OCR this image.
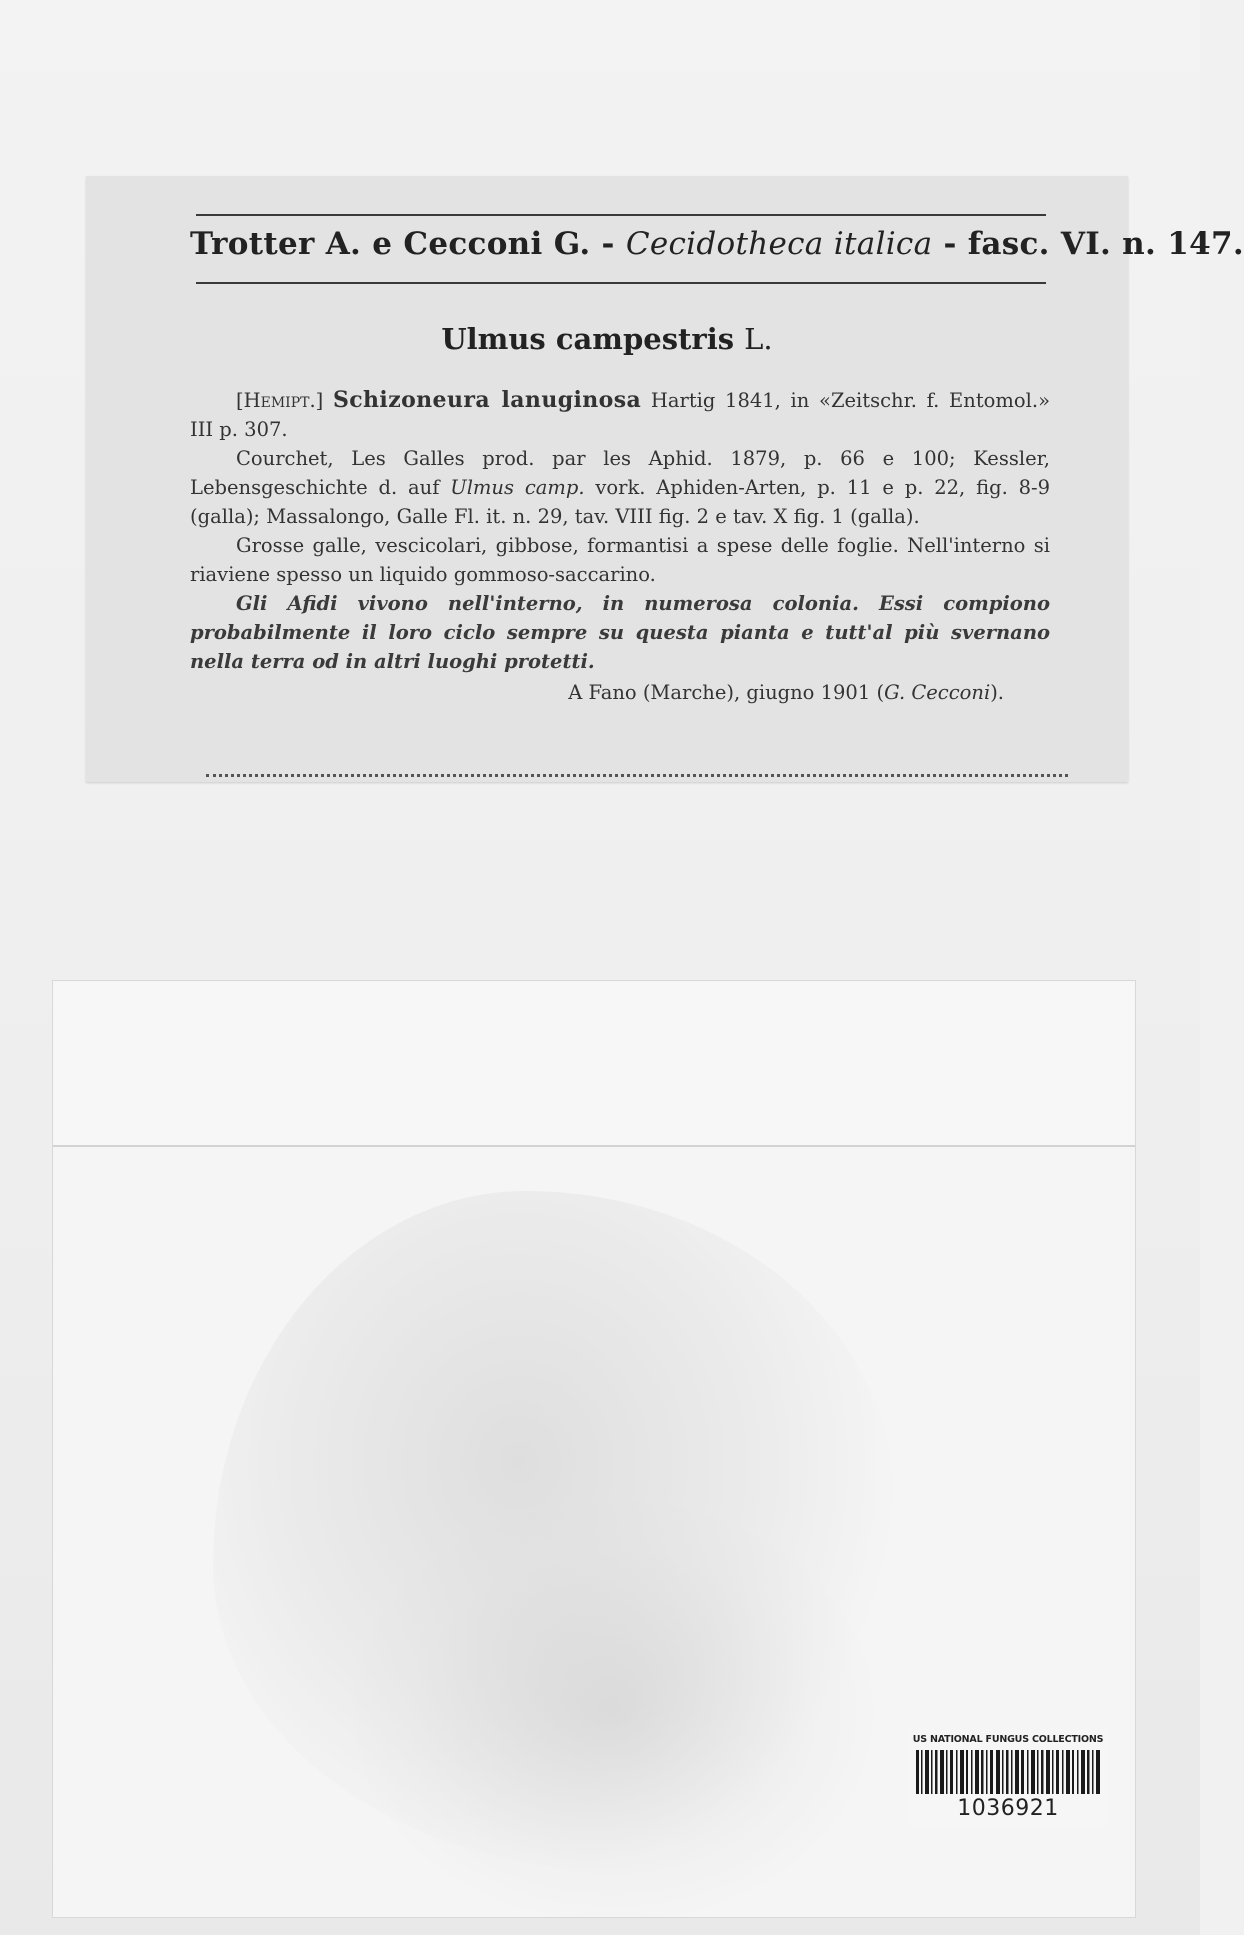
Trotter A. e Cecconi G. - Cecidotheca italica - fasc. VI. n. 147.
Ulmus campestris L.

[Hemipt.] Schizoneura lanuginosa Hartig 1841, in «Zeitschr. f. Entomol.» III p. 307.

Courchet, Les Galles prod. par les Aphid. 1879, p. 66 e 100; Kessler, Lebensgeschichte d. auf Ulmus camp. vork. Aphiden-Arten, p. 11 e p. 22, fig. 8-9 (galla); Massalongo, Galle Fl. it. n. 29, tav. VIII fig. 2 e tav. X fig. 1 (galla).

Grosse galle, vescicolari, gibbose, formantisi a spese delle foglie. Nell'interno si riaviene spesso un liquido gommoso-saccarino.

Gli Afidi vivono nell'interno, in numerosa colonia. Essi compiono probabilmente il loro ciclo sempre su questa pianta e tutt'al più svernano nella terra od in altri luoghi protetti.

A Fano (Marche), giugno 1901 (G. Cecconi).

US NATIONAL FUNGUS COLLECTIONS
1036921
